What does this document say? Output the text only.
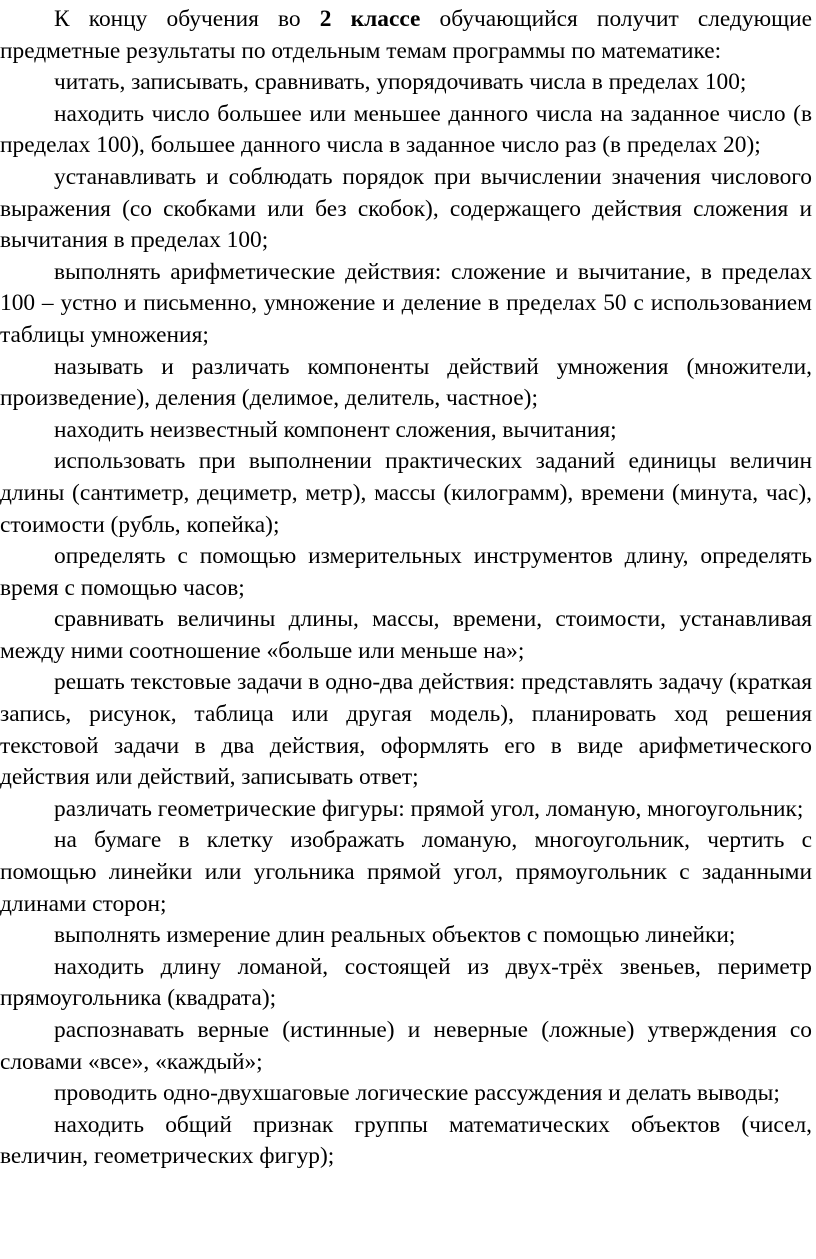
К концу обучения во 2 классе обучающийся получит следующие предметные результаты по отдельным темам программы по математике:

читать, записывать, сравнивать, упорядочивать числа в пределах 100;

находить число большее или меньшее данного числа на заданное число (в пределах 100), большее данного числа в заданное число раз (в пределах 20);

устанавливать и соблюдать порядок при вычислении значения числового выражения (со скобками или без скобок), содержащего действия сложения и вычитания в пределах 100;

выполнять арифметические действия: сложение и вычитание, в пределах 100 – устно и письменно, умножение и деление в пределах 50 с использованием таблицы умножения;

называть и различать компоненты действий умножения (множители, произведение), деления (делимое, делитель, частное);

находить неизвестный компонент сложения, вычитания;

использовать при выполнении практических заданий единицы величин длины (сантиметр, дециметр, метр), массы (килограмм), времени (минута, час), стоимости (рубль, копейка);

определять с помощью измерительных инструментов длину, определять время с помощью часов;

сравнивать величины длины, массы, времени, стоимости, устанавливая между ними соотношение «больше или меньше на»;

решать текстовые задачи в одно-два действия: представлять задачу (краткая запись, рисунок, таблица или другая модель), планировать ход решения текстовой задачи в два действия, оформлять его в виде арифметического действия или действий, записывать ответ;

различать геометрические фигуры: прямой угол, ломаную, многоугольник;

на бумаге в клетку изображать ломаную, многоугольник, чертить с помощью линейки или угольника прямой угол, прямоугольник с заданными длинами сторон;

выполнять измерение длин реальных объектов с помощью линейки;

находить длину ломаной, состоящей из двух-трёх звеньев, периметр прямоугольника (квадрата);

распознавать верные (истинные) и неверные (ложные) утверждения со словами «все», «каждый»;

проводить одно-двухшаговые логические рассуждения и делать выводы;

находить общий признак группы математических объектов (чисел, величин, геометрических фигур);
